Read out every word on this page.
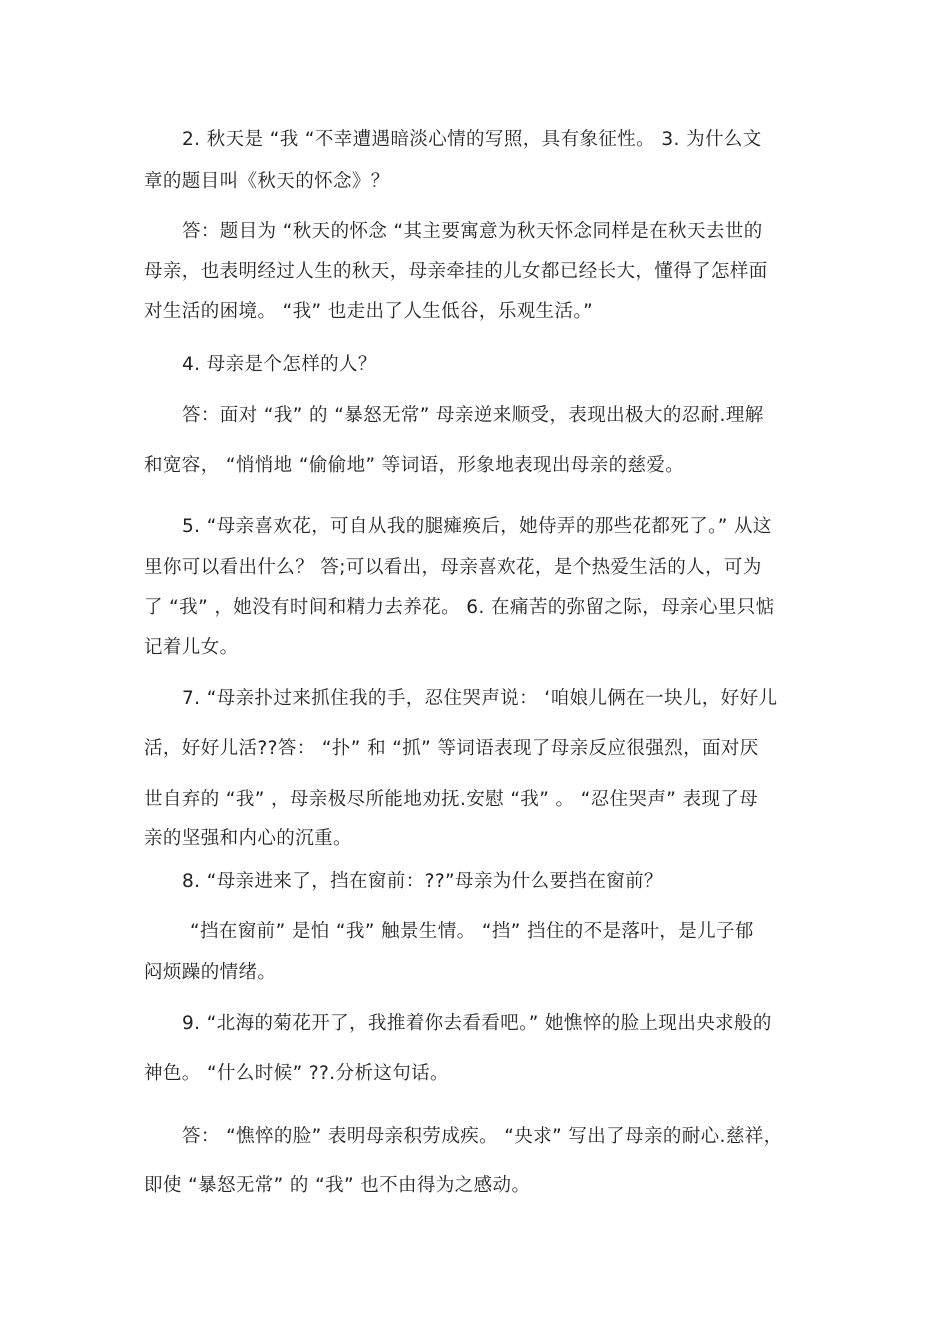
2. 秋天是 “我 “不幸遭遇暗淡心情的写照，具有象征性。 3. 为什么文
章的题目叫《秋天的怀念》？
答：题目为 “秋天的怀念 “其主要寓意为秋天怀念同样是在秋天去世的
母亲，也表明经过人生的秋天，母亲牵挂的儿女都已经长大，懂得了怎样面
对生活的困境。 “我” 也走出了人生低谷，乐观生活。”
4. 母亲是个怎样的人？
答：面对 “我” 的 “暴怒无常” 母亲逆来顺受，表现出极大的忍耐.理解
和宽容， “悄悄地 “偷偷地” 等词语，形象地表现出母亲的慈爱。
5. “母亲喜欢花，可自从我的腿瘫痪后，她侍弄的那些花都死了。” 从这
里你可以看出什么？ 答;可以看出，母亲喜欢花，是个热爱生活的人，可为
了 “我” ，她没有时间和精力去养花。 6. 在痛苦的弥留之际，母亲心里只惦
记着儿女。
7. “母亲扑过来抓住我的手，忍住哭声说： ‘咱娘儿俩在一块儿，好好儿
活，好好儿活??答： “扑” 和 “抓” 等词语表现了母亲反应很强烈，面对厌
世自弃的 “我” ，母亲极尽所能地劝抚.安慰 “我” 。 “忍住哭声” 表现了母
亲的坚强和内心的沉重。
8. “母亲进来了，挡在窗前：??”母亲为什么要挡在窗前？
“挡在窗前” 是怕 “我” 触景生情。 “挡” 挡住的不是落叶，是儿子郁
闷烦躁的情绪。
9. “北海的菊花开了，我推着你去看看吧。” 她憔悴的脸上现出央求般的
神色。 “什么时候” ??.分析这句话。
答： “憔悴的脸” 表明母亲积劳成疾。 “央求” 写出了母亲的耐心.慈祥，
即使 “暴怒无常” 的 “我” 也不由得为之感动。
